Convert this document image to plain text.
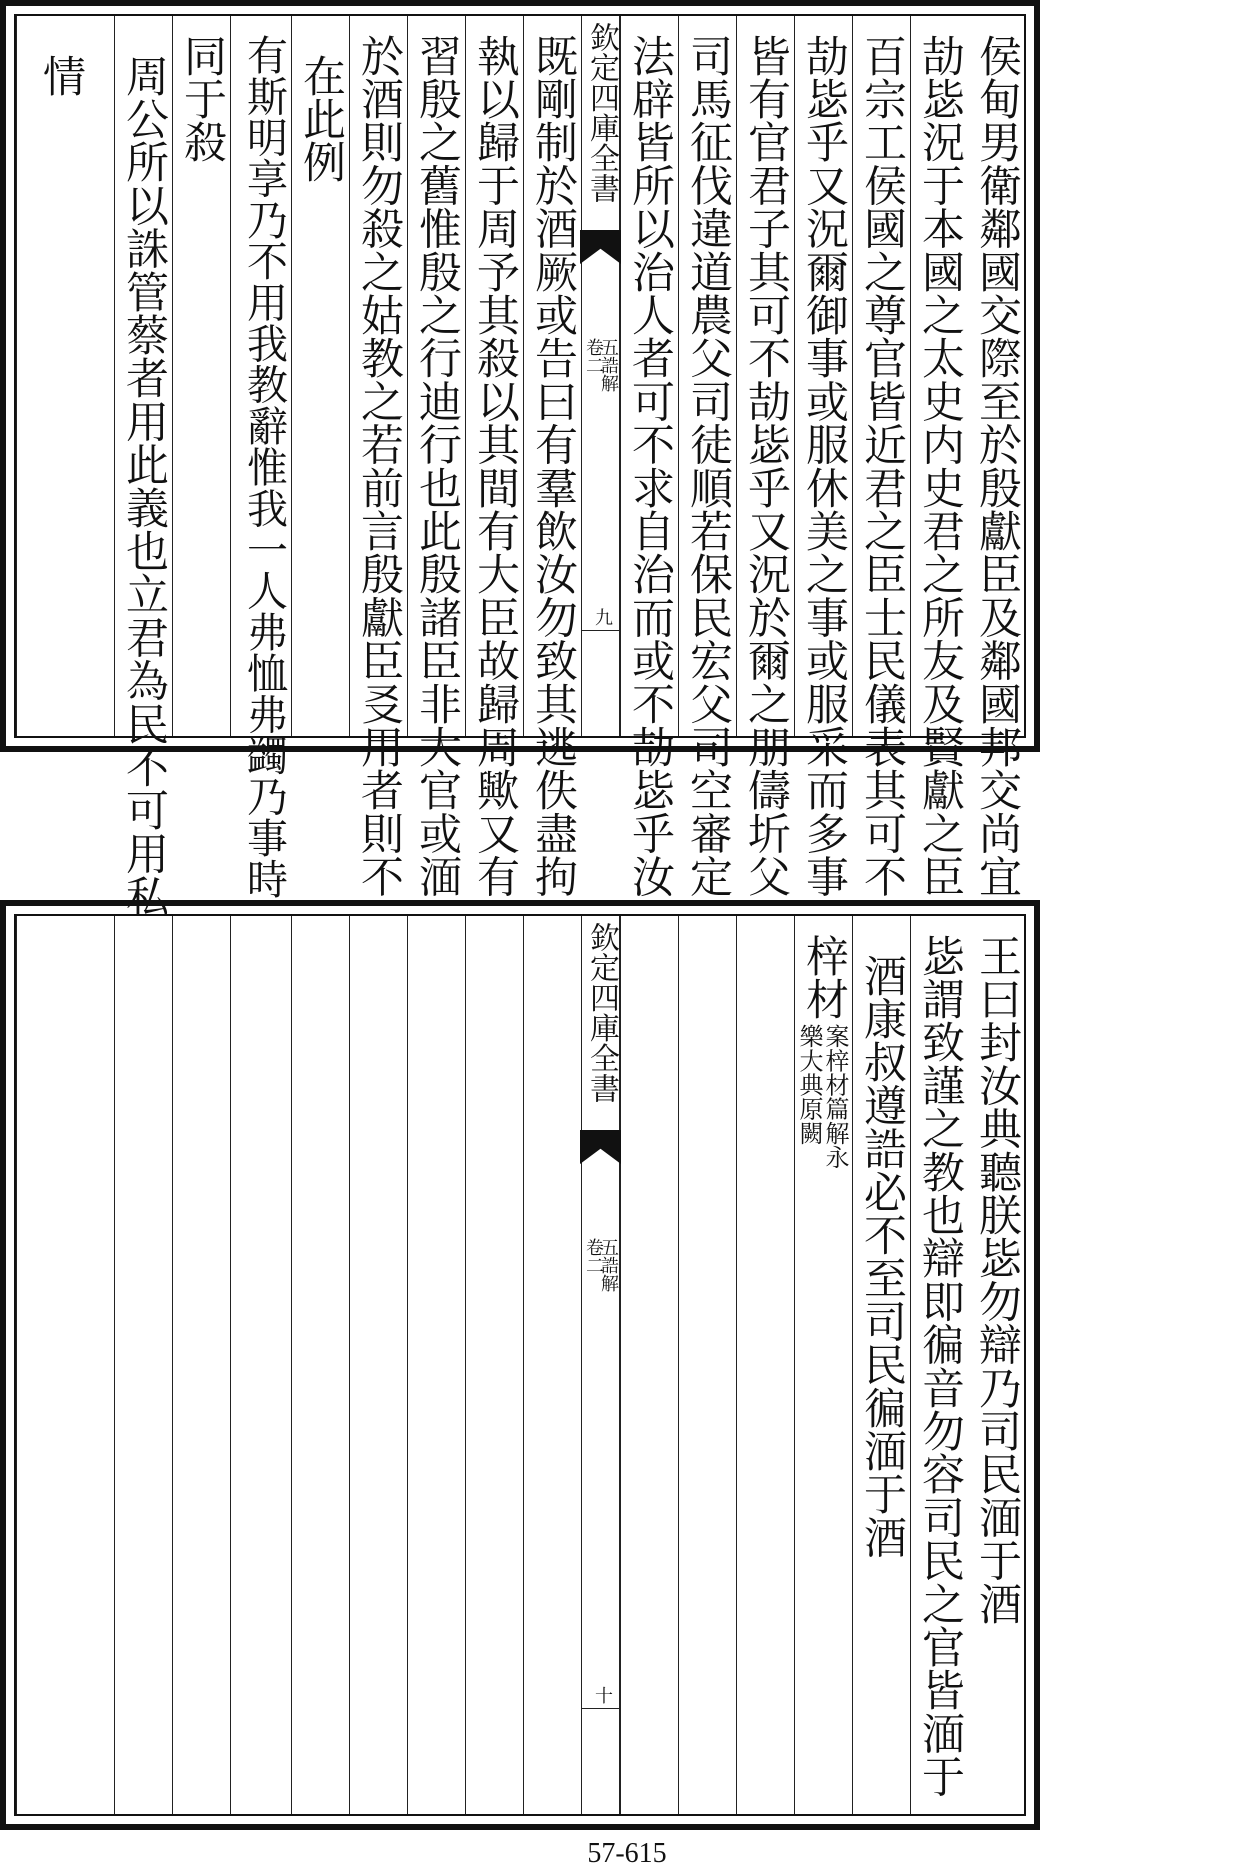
侯甸男衛鄰國交際至於殷獻臣及鄰國邦交尚宜
劼毖況于本國之太史内史君之所友及賢獻之臣
百宗工侯國之尊官皆近君之臣士民儀表其可不
劼毖乎又況爾御事或服休美之事或服采而多事
皆有官君子其可不劼毖乎又況於爾之朋儔圻父
司馬征伐違道農父司徒順若保民宏父司空審定
法辟皆所以治人者可不求自治而或不劼毖乎汝
欽定四庫全書
五誥解
卷二
九
既剛制於酒厥或告曰有羣飲汝勿致其逃佚盡拘
執以歸于周予其殺以其間有大臣故歸周歟又有
習殷之舊惟殷之行迪行也此殷諸臣非大官或湎
於酒則勿殺之姑教之若前言殷獻臣㕛用者則不
在此例
有斯明享乃不用我教辭惟我一人弗恤弗蠲乃事時
同于殺
周公所以誅管蔡者用此義也立君為民不可用私
情
王曰封汝典聽朕毖勿辯乃司民湎于酒
毖謂致謹之教也辯即徧音勿容司民之官皆湎于
酒康叔遵誥必不至司民徧湎于酒
梓材
案梓材篇解永
樂大典原闕
欽定四庫全書
五誥解
卷二
十
57-615
